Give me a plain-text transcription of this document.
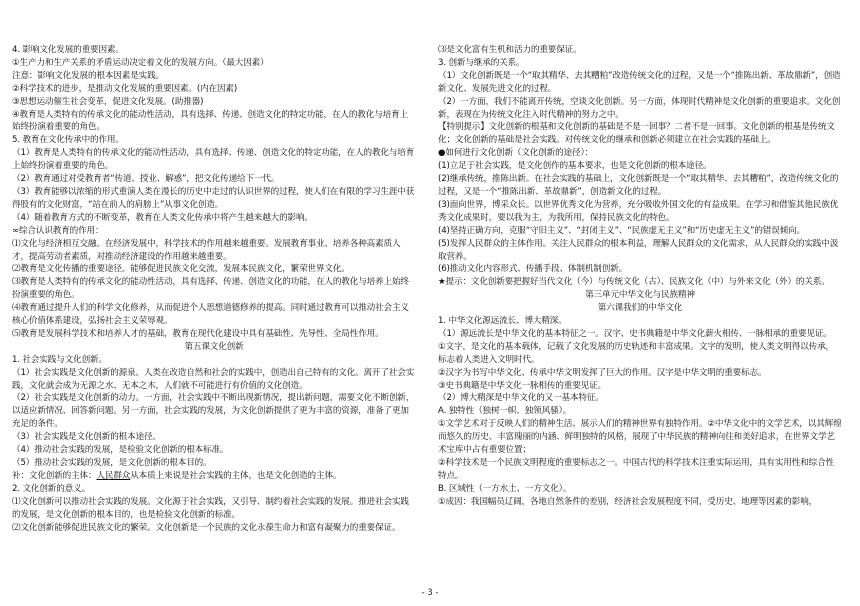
4. 影响文化发展的重要因素。

①生产力和生产关系的矛盾运动决定着文化的发展方向。（最大因素）

注意：影响文化发展的根本因素是实践。

②科学技术的进步，是推动文化发展的重要因素。(内在因素)

③思想运动催生社会变革，促进文化发展。(助推器)

④教育是人类特有的传承文化的能动性活动，具有选择、传递、创造文化的特定功能，在人的教化与培育上始终扮演着重要的角色。

5. 教育在文化传承中的作用。

（1）教育是人类特有的传承文化的能动性活动，具有选择、传递、创造文化的特定功能，在人的教化与培育上始终扮演着重要的角色。

（2）教育通过对受教育者“传道、授业、解惑”，把文化传递给下一代。

（3）教育能够以浓缩的形式重演人类在漫长的历史中走过的认识世界的过程，使人们在有限的学习生涯中获得股有的文化财富，“站在前人的肩膀上”从事文化创造。

（4）随着教育方式的不断变革，教育在人类文化传承中将产生越来越大的影响。

∞综合认识教育的作用：

⑴文化与经济相互交融。在经济发展中，科学技术的作用越来越重要。发展教育事业、培养各种高素质人才，提高劳动者素质，对推动经济建设的作用越来越重要。

⑵教育是文化传播的重要途径。能够促进民族文化交流，发展本民族文化，繁荣世界文化。

⑶教育是人类特有的传承文化的能动性活动，具有选择、传递、创造文化的功能，在人的教化与培养上始终扮演重要的角色。

⑷教育通过提升人们的科学文化修养，从而促进个人思想道德修养的提高。同时通过教育可以推动社会主义核心价值体系建设，弘扬社会主义荣辱观。

⑸教育是发展科学技术和培养人才的基础，教育在现代化建设中具有基础性、先导性、全局性作用。

第五课文化创新

1. 社会实践与文化创新。

（1）社会实践是文化创新的源泉。人类在改造自然和社会的实践中，创造出自己特有的文化。离开了社会实践，文化就会成为无源之水、无本之木，人们就不可能进行有价值的文化创造。

（2）社会实践是文化创新的动力。一方面，社会实践中不断出现新情况，提出新问题，需要文化不断创新，以适应新情况、回答新问题。另一方面，社会实践的发展，为文化创新提供了更为丰富的资源，准备了更加充足的条件。

（3）社会实践是文化创新的根本途径。

（4）推动社会实践的发展，是检验文化创新的根本标准。

（5）推动社会实践的发展，是文化创新的根本目的。

补：文化创新的主体：人民群众从本质上来说是社会实践的主体，也是文化创造的主体。

2. 文化创新的意义。

⑴文化创新可以推动社会实践的发展。文化源于社会实践，又引导、制约着社会实践的发展。推进社会实践的发展，是文化创新的根本目的，也是检验文化创新的标准。

⑵文化创新能够促进民族文化的繁荣。文化创新是一个民族的文化永葆生命力和富有凝聚力的重要保证。

⑶是文化富有生机和活力的重要保证。

3. 创新与继承的关系。

（1）文化创新既是一个“取其精华、去其糟粕”改造传统文化的过程，又是一个“推陈出新、革故鼎新”，创造新文化、发展先进文化的过程。

（2）一方面，我们不能离开传统，空谈文化创新。另一方面，体现时代精神是文化创新的重要追求。文化创新，表现在为传统文化注入时代精神的努力之中。

【特别提示】文化创新的根基和文化创新的基础是不是一回事？二者不是一回事。文化创新的根基是传统文化；文化创新的基础是社会实践。对传统文化的继承和创新必须建立在社会实践的基础上。

●如何进行文化创新（文化创新的途径）：

(1)立足于社会实践，是文化创作的基本要求，也是文化创新的根本途径。

(2)继承传统，推陈出新。在社会实践的基础上，文化创新既是一个“取其精华、去其糟粕”，改造传统文化的过程，又是一个“推陈出新、革故鼎新”，创造新文化的过程。

(3)面向世界，博采众长。以世界优秀文化为营养，充分吸收外国文化的有益成果。在学习和借鉴其他民族优秀文化成果时，要以我为主，为我所用，保持民族文化的特色。

(4)坚持正确方向，克服“守旧主义”、“封闭主义”、“民族虚无主义”和“历史虚无主义”的错误倾向。

(5)发挥人民群众的主体作用。关注人民群众的根本利益，理解人民群众的文化需求，从人民群众的实践中汲取营养。

(6)推动文化内容形式、传播手段、体制机制创新。

★提示：文化创新要把握好当代文化（今）与传统文化（古）、民族文化（中）与外来文化（外）的关系。

第三单元中华文化与民族精神

第六课我们的中华文化

1. 中华文化源远流长、博大精深。

（1）源远流长是中华文化的基本特征之一。汉字、史书典籍是中华文化薪火相传、一脉相承的重要见证。

①文字，是文化的基本载体，记载了文化发展的历史轨迹和丰富成果。文字的发明，使人类文明得以传承，标志着人类进入文明时代。

②汉字为书写中华文化、传承中华文明发挥了巨大的作用。汉字是中华文明的重要标志。

③史书典籍是中华文化一脉相传的重要见证。

（2）博大精深是中华文化的又一基本特征。

A. 独特性（独树一帜、独领风骚）。

①文学艺术对于反映人们的精神生活、展示人们的精神世界有独特作用。②中华文化中的文学艺术，以其辉煌而悠久的历史、丰富瑰丽的内涵、鲜明独特的风格，展现了中华民族的精神向往和美好追求，在世界文学艺术宝库中占有重要位置；

②科学技术是一个民族文明程度的重要标志之一。中国古代的科学技术注重实际运用，具有实用性和综合性特点。

B. 区域性（一方水土、一方文化）。

①成因：我国幅员辽阔，各地自然条件的差别，经济社会发展程度不同，受历史、地理等因素的影响，

- 3 -
